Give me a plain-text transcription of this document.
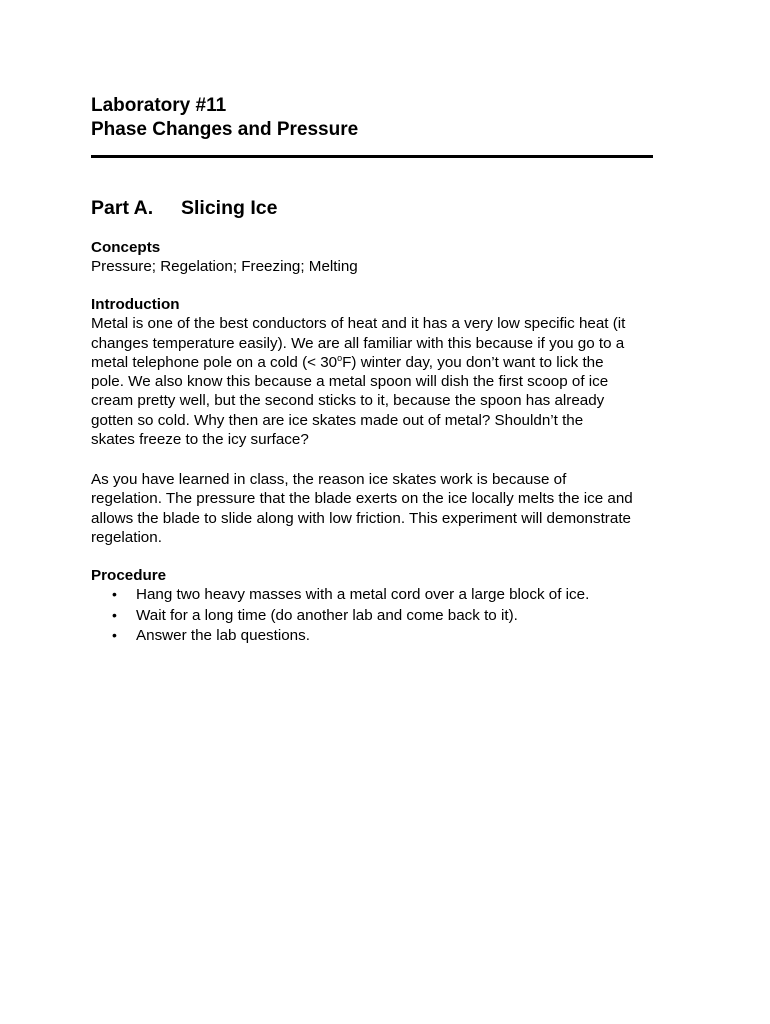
Laboratory #11
Phase Changes and Pressure
Part A. Slicing Ice
Concepts

Pressure; Regelation; Freezing; Melting

Introduction

Metal is one of the best conductors of heat and it has a very low specific heat (it
changes temperature easily). We are all familiar with this because if you go to a
metal telephone pole on a cold (< $30^oF$) winter day, you don’t want to lick the
pole. We also know this because a metal spoon will dish the first scoop of ice
cream pretty well, but the second sticks to it, because the spoon has already
gotten so cold. Why then are ice skates made out of metal? Shouldn’t the
skates freeze to the icy surface?

As you have learned in class, the reason ice skates work is because of
regelation. The pressure that the blade exerts on the ice locally melts the ice and
allows the blade to slide along with low friction. This experiment will demonstrate
regelation.

Procedure
• Hang two heavy masses with a metal cord over a large block of ice.
• Wait for a long time (do another lab and come back to it).
• Answer the lab questions.
